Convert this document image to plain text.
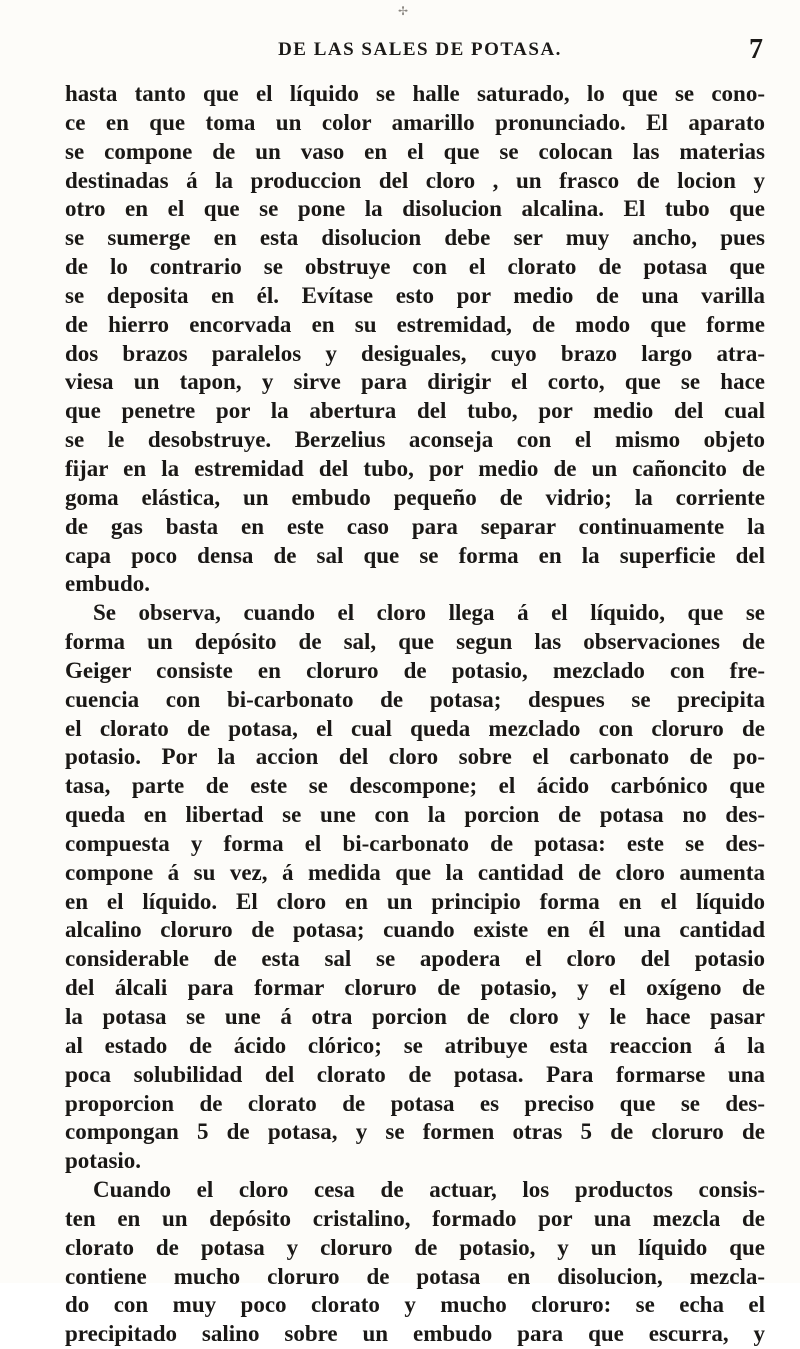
✢
DE LAS SALES DE POTASA.	7
hasta tanto que el líquido se halle saturado, lo que se cono-
ce en que toma un color amarillo pronunciado. El aparato
se compone de un vaso en el que se colocan las materias
destinadas á la produccion del cloro , un frasco de locion y
otro en el que se pone la disolucion alcalina. El tubo que
se sumerge en esta disolucion debe ser muy ancho, pues
de lo contrario se obstruye con el clorato de potasa que
se deposita en él. Evítase esto por medio de una varilla
de hierro encorvada en su estremidad, de modo que forme
dos brazos paralelos y desiguales, cuyo brazo largo atra-
viesa un tapon, y sirve para dirigir el corto, que se hace
que penetre por la abertura del tubo, por medio del cual
se le desobstruye. Berzelius aconseja con el mismo objeto
fijar en la estremidad del tubo, por medio de un cañoncito de
goma elástica, un embudo pequeño de vidrio; la corriente
de gas basta en este caso para separar continuamente la
capa poco densa de sal que se forma en la superficie del
embudo.
Se observa, cuando el cloro llega á el líquido, que se
forma un depósito de sal, que segun las observaciones de
Geiger consiste en cloruro de potasio, mezclado con fre-
cuencia con bi-carbonato de potasa; despues se precipita
el clorato de potasa, el cual queda mezclado con cloruro de
potasio. Por la accion del cloro sobre el carbonato de po-
tasa, parte de este se descompone; el ácido carbónico que
queda en libertad se une con la porcion de potasa no des-
compuesta y forma el bi-carbonato de potasa: este se des-
compone á su vez, á medida que la cantidad de cloro aumenta
en el líquido. El cloro en un principio forma en el líquido
alcalino cloruro de potasa; cuando existe en él una cantidad
considerable de esta sal se apodera el cloro del potasio
del álcali para formar cloruro de potasio, y el oxígeno de
la potasa se une á otra porcion de cloro y le hace pasar
al estado de ácido clórico; se atribuye esta reaccion á la
poca solubilidad del clorato de potasa. Para formarse una
proporcion de clorato de potasa es preciso que se des-
compongan 5 de potasa, y se formen otras 5 de cloruro de
potasio.
Cuando el cloro cesa de actuar, los productos consis-
ten en un depósito cristalino, formado por una mezcla de
clorato de potasa y cloruro de potasio, y un líquido que
contiene mucho cloruro de potasa en disolucion, mezcla-
do con muy poco clorato y mucho cloruro: se echa el
precipitado salino sobre un embudo para que escurra, y
